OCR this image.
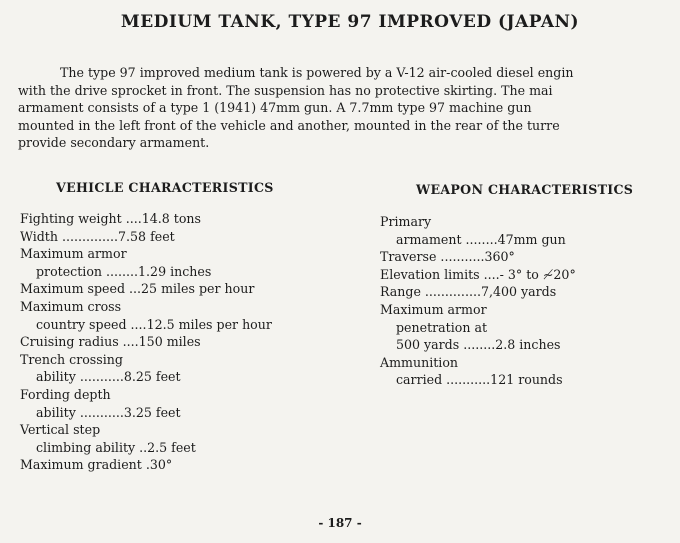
MEDIUM TANK, TYPE 97 IMPROVED (JAPAN)
The type 97 improved medium tank is powered by a V-12 air-cooled diesel engin
with the drive sprocket in front. The suspension has no protective skirting. The mai
armament consists of a type 1 (1941) 47mm gun. A 7.7mm type 97 machine gun
mounted in the left front of the vehicle and another, mounted in the rear of the turre
provide secondary armament.
VEHICLE CHARACTERISTICS	WEAPON CHARACTERISTICS
Fighting weight ....14.8 tons
Width ..............7.58 feet
Maximum armor
protection ........1.29 inches
Maximum speed ...25 miles per hour
Maximum cross
country speed ....12.5 miles per hour
Cruising radius ....150 miles
Trench crossing
ability ...........8.25 feet
Fording depth
ability ...........3.25 feet
Vertical step
climbing ability ..2.5 feet
Maximum gradient .30°
Primary
armament ........47mm gun
Traverse ...........360°
Elevation limits ....- 3° to ≁20°
Range ..............7,400 yards
Maximum armor
penetration at
500 yards ........2.8 inches
Ammunition
carried ...........121 rounds
- 187 -
